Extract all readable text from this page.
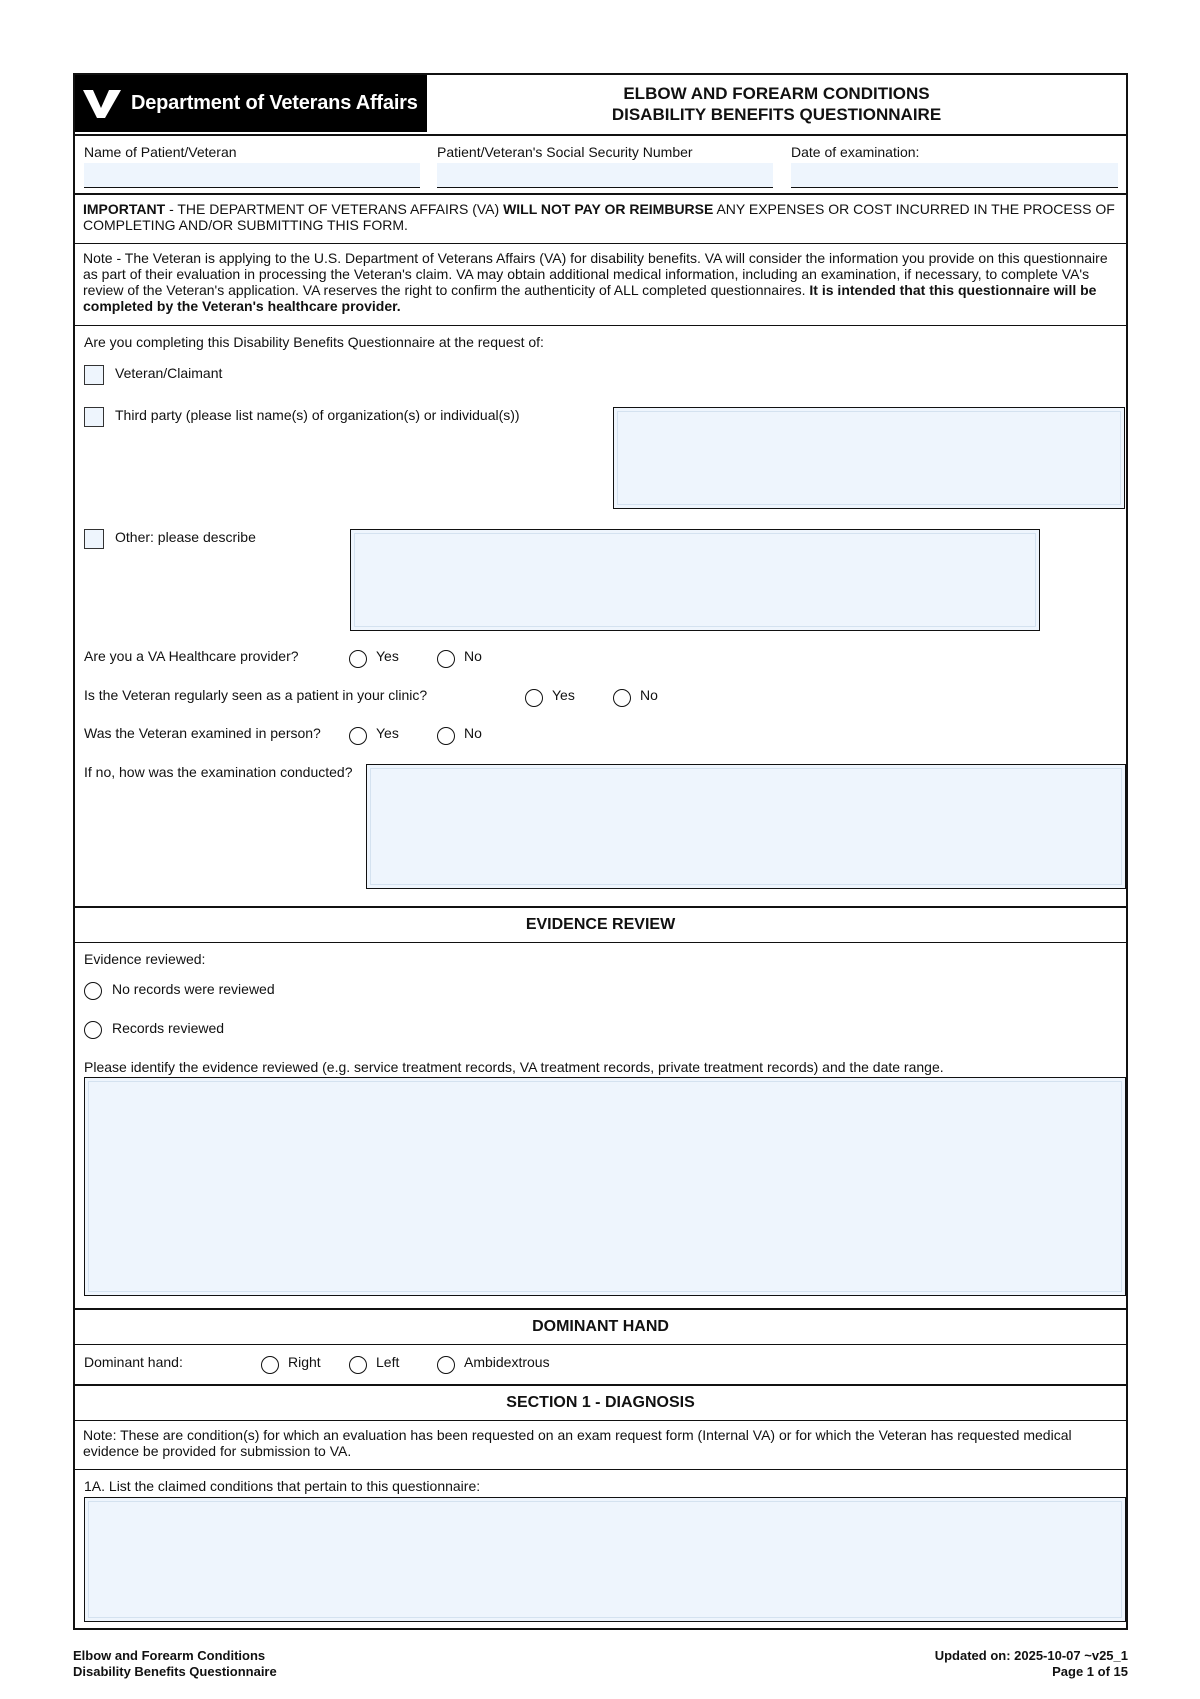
Department of Veterans Affairs	ELBOW AND FOREARM CONDITIONS
DISABILITY BENEFITS QUESTIONNAIRE
Name of Patient/Veteran	Patient/Veteran's Social Security Number	Date of examination:
IMPORTANT - THE DEPARTMENT OF VETERANS AFFAIRS (VA) WILL NOT PAY OR REIMBURSE ANY EXPENSES OR COST INCURRED IN THE PROCESS OF COMPLETING AND/OR SUBMITTING THIS FORM.
Note - The Veteran is applying to the U.S. Department of Veterans Affairs (VA) for disability benefits. VA will consider the information you provide on this questionnaire as part of their evaluation in processing the Veteran's claim. VA may obtain additional medical information, including an examination, if necessary, to complete VA's review of the Veteran's application. VA reserves the right to confirm the authenticity of ALL completed questionnaires. It is intended that this questionnaire will be completed by the Veteran's healthcare provider.
Are you completing this Disability Benefits Questionnaire at the request of:
Veteran/Claimant
Third party (please list name(s) of organization(s) or individual(s))
Other: please describe
Are you a VA Healthcare provider?	Yes	No
Is the Veteran regularly seen as a patient in your clinic?	Yes	No
Was the Veteran examined in person?	Yes	No
If no, how was the examination conducted?
EVIDENCE REVIEW
Evidence reviewed:
No records were reviewed
Records reviewed
Please identify the evidence reviewed (e.g. service treatment records, VA treatment records, private treatment records) and the date range.
DOMINANT HAND
Dominant hand:	Right	Left	Ambidextrous
SECTION 1 - DIAGNOSIS
Note: These are condition(s) for which an evaluation has been requested on an exam request form (Internal VA) or for which the Veteran has requested medical evidence be provided for submission to VA.
1A. List the claimed conditions that pertain to this questionnaire:
Elbow and Forearm Conditions
Disability Benefits Questionnaire
Updated on: 2025-10-07 ~v25_1
Page 1 of 15
